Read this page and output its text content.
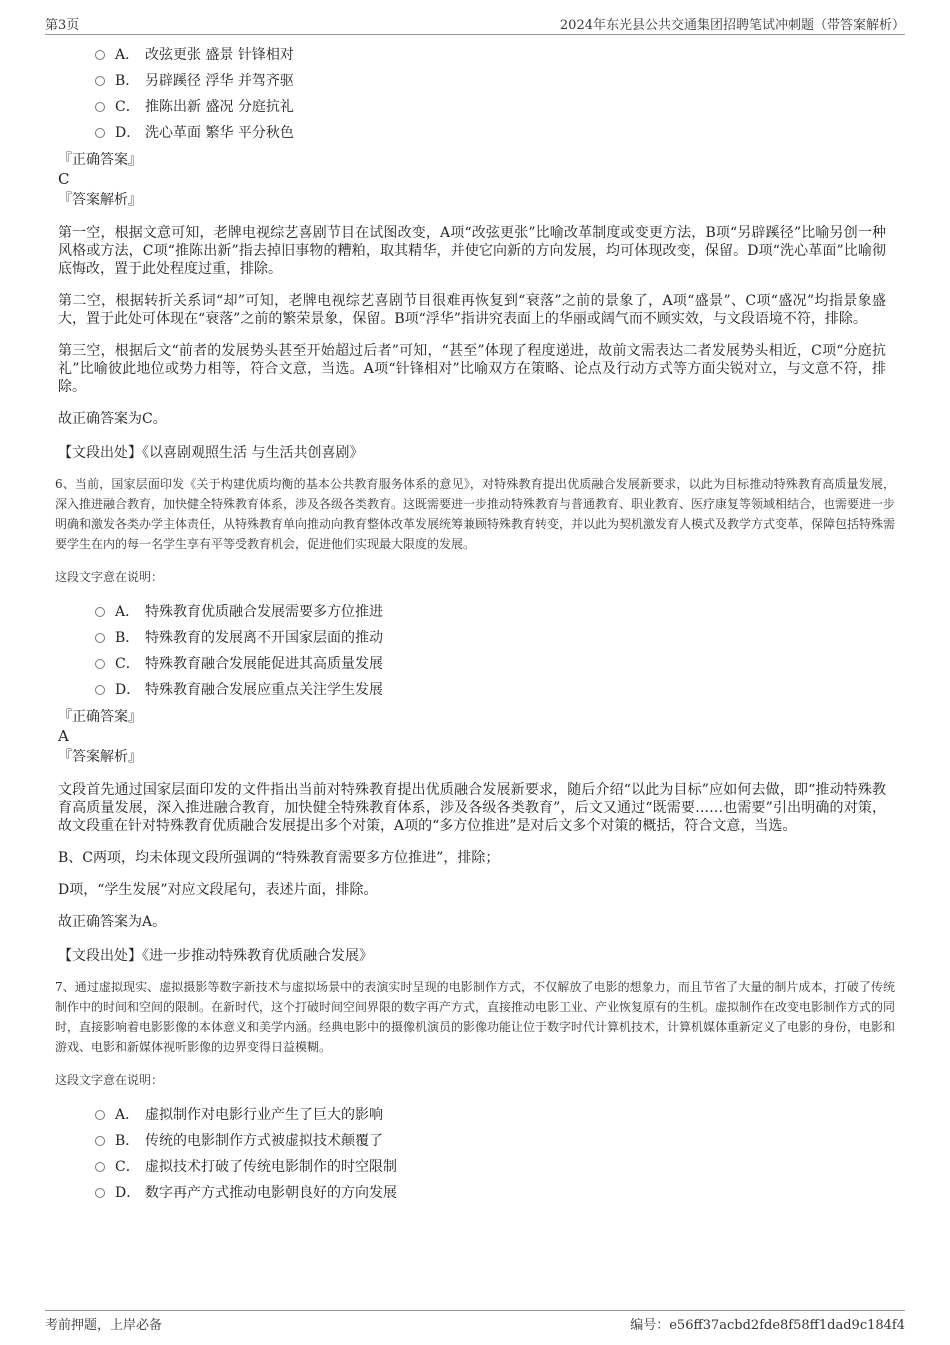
第3页	2024年东光县公共交通集团招聘笔试冲刺题（带答案解析）
A． 改弦更张 盛景 针锋相对
B． 另辟蹊径 浮华 并驾齐驱
C． 推陈出新 盛况 分庭抗礼
D． 洗心革面 繁华 平分秋色
『正确答案』
C
『答案解析』
第一空，根据文意可知，老牌电视综艺喜剧节目在试图改变，A项“改弦更张”比喻改革制度或变更方法，B项“另辟蹊径”比喻另创一种风格或方法，C项“推陈出新”指去掉旧事物的糟粕，取其精华，并使它向新的方向发展，均可体现改变，保留。D项“洗心革面”比喻彻底悔改，置于此处程度过重，排除。
第二空，根据转折关系词“却”可知，老牌电视综艺喜剧节目很难再恢复到“衰落”之前的景象了，A项“盛景”、C项“盛况”均指景象盛大，置于此处可体现在“衰落”之前的繁荣景象，保留。B项“浮华”指讲究表面上的华丽或阔气而不顾实效，与文段语境不符，排除。
第三空，根据后文“前者的发展势头甚至开始超过后者”可知，“甚至”体现了程度递进，故前文需表达二者发展势头相近，C项“分庭抗礼”比喻彼此地位或势力相等，符合文意，当选。A项“针锋相对”比喻双方在策略、论点及行动方式等方面尖锐对立，与文意不符，排除。
故正确答案为C。
【文段出处】《以喜剧观照生活 与生活共创喜剧》
6、当前，国家层面印发《关于构建优质均衡的基本公共教育服务体系的意见》，对特殊教育提出优质融合发展新要求，以此为目标推动特殊教育高质量发展，深入推进融合教育，加快健全特殊教育体系，涉及各级各类教育。这既需要进一步推动特殊教育与普通教育、职业教育、医疗康复等领域相结合，也需要进一步明确和激发各类办学主体责任，从特殊教育单向推动向教育整体改革发展统筹兼顾特殊教育转变，并以此为契机激发育人模式及教学方式变革，保障包括特殊需要学生在内的每一名学生享有平等受教育机会，促进他们实现最大限度的发展。
这段文字意在说明：
A． 特殊教育优质融合发展需要多方位推进
B． 特殊教育的发展离不开国家层面的推动
C． 特殊教育融合发展能促进其高质量发展
D． 特殊教育融合发展应重点关注学生发展
『正确答案』
A
『答案解析』
文段首先通过国家层面印发的文件指出当前对特殊教育提出优质融合发展新要求，随后介绍“以此为目标”应如何去做，即“推动特殊教育高质量发展，深入推进融合教育，加快健全特殊教育体系，涉及各级各类教育”，后文又通过“既需要……也需要”引出明确的对策，故文段重在针对特殊教育优质融合发展提出多个对策，A项的“多方位推进”是对后文多个对策的概括，符合文意，当选。
B、C两项，均未体现文段所强调的“特殊教育需要多方位推进”，排除；
D项，“学生发展”对应文段尾句，表述片面，排除。
故正确答案为A。
【文段出处】《进一步推动特殊教育优质融合发展》
7、通过虚拟现实、虚拟摄影等数字新技术与虚拟场景中的表演实时呈现的电影制作方式，不仅解放了电影的想象力，而且节省了大量的制片成本，打破了传统制作中的时间和空间的限制。在新时代，这个打破时间空间界限的数字再产方式，直接推动电影工业、产业恢复原有的生机。虚拟制作在改变电影制作方式的同时，直接影响着电影影像的本体意义和美学内涵。经典电影中的摄像机演员的影像功能让位于数字时代计算机技术，计算机媒体重新定义了电影的身份，电影和游戏、电影和新媒体视听影像的边界变得日益模糊。
这段文字意在说明：
A． 虚拟制作对电影行业产生了巨大的影响
B． 传统的电影制作方式被虚拟技术颠覆了
C． 虚拟技术打破了传统电影制作的时空限制
D． 数字再产方式推动电影朝良好的方向发展
考前押题，上岸必备	编号：e56ff37acbd2fde8f58ff1dad9c184f4
